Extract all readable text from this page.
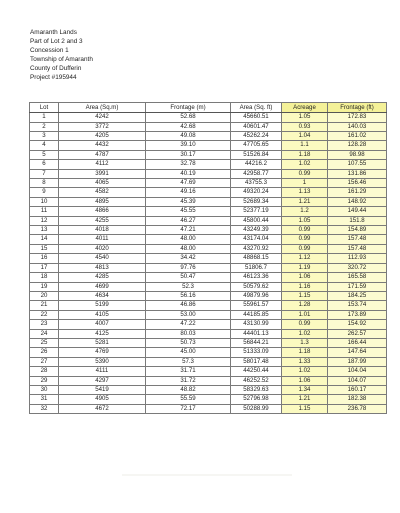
Amaranth Lands
Part of Lot 2 and 3
Concession 1
Township of Amaranth
County of Dufferin
Project #195944
Lot	Area (Sq.m)	Frontage (m)	Area (Sq. ft)	Acreage	Frontage (ft)
1	4242	52.68	45660.51	1.05	172.83
2	3772	42.68	40601.47	0.93	140.03
3	4205	49.08	45262.24	1.04	161.02
4	4432	39.10	47705.65	1.1	128.28
5	4787	30.17	51526.84	1.18	98.98
6	4112	32.78	44216.2	1.02	107.55
7	3991	40.19	42958.77	0.99	131.86
8	4065	47.69	43755.3	1	156.46
9	4582	49.16	49320.24	1.13	161.29
10	4895	45.39	52689.34	1.21	148.92
11	4866	45.55	52377.19	1.2	149.44
12	4255	46.27	45800.44	1.05	151.8
13	4018	47.21	43249.39	0.99	154.89
14	4011	48.00	43174.04	0.99	157.48
15	4020	48.00	43270.92	0.99	157.48
16	4540	34.42	48868.15	1.12	112.93
17	4813	97.76	51806.7	1.19	320.72
18	4285	50.47	46123.36	1.06	165.58
19	4699	52.3	50579.62	1.16	171.59
20	4634	56.16	49879.96	1.15	184.25
21	5199	46.86	55961.57	1.28	153.74
22	4105	53.00	44185.85	1.01	173.89
23	4007	47.22	43130.99	0.99	154.92
24	4125	80.03	44401.13	1.02	262.57
25	5281	50.73	56844.21	1.3	166.44
26	4769	45.00	51333.09	1.18	147.64
27	5390	57.3	58017.48	1.33	187.99
28	4111	31.71	44250.44	1.02	104.04
29	4297	31.72	46252.52	1.06	104.07
30	5419	48.82	58329.63	1.34	160.17
31	4905	55.59	52796.98	1.21	182.38
32	4672	72.17	50288.99	1.15	236.78
